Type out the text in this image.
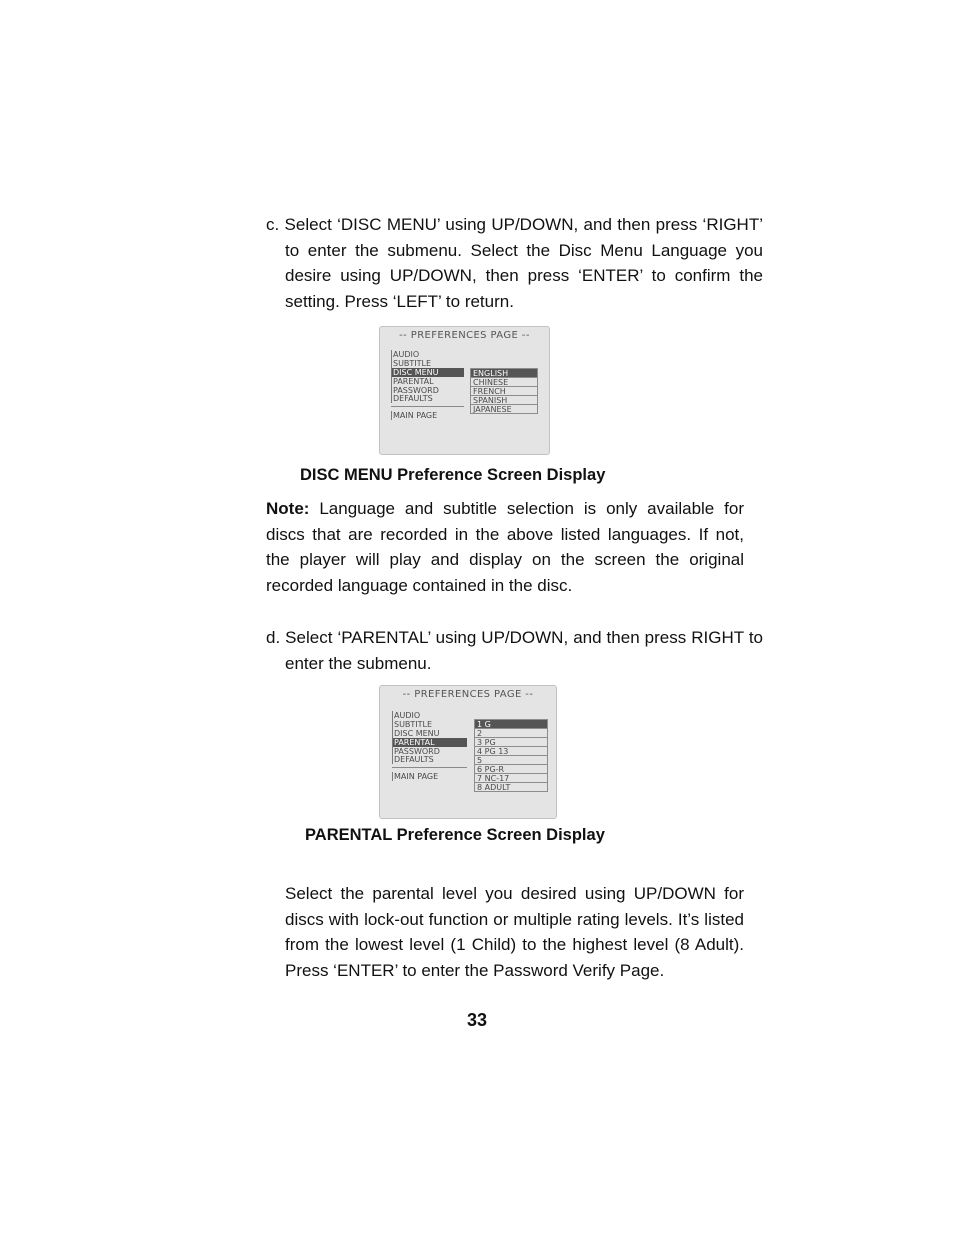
c. Select ‘DISC MENU’ using UP/DOWN, and then press ‘RIGHT’ to enter the submenu. Select the Disc Menu Language you desire using UP/DOWN, then press ‘ENTER’ to confirm the setting. Press ‘LEFT’ to return.

-- PREFERENCES PAGE --
AUDIO
SUBTITLE
DISC MENU
PARENTAL
PASSWORD
DEFAULTS
MAIN PAGE
ENGLISH
CHINESE
FRENCH
SPANISH
JAPANESE
DISC MENU Preference Screen Display

Note: Language and subtitle selection is only available for discs that are recorded in the above listed languages. If not, the player will play and display on the screen the original recorded language contained in the disc.

d. Select ‘PARENTAL’ using UP/DOWN, and then press RIGHT to enter the submenu.

-- PREFERENCES PAGE --
AUDIO
SUBTITLE
DISC MENU
PARENTAL
PASSWORD
DEFAULTS
MAIN PAGE
1 G
2
3 PG
4 PG 13
5
6 PG-R
7 NC-17
8 ADULT
PARENTAL Preference Screen Display

Select the parental level you desired using UP/DOWN for discs with lock-out function or multiple rating levels. It’s listed from the lowest level (1 Child) to the highest level (8 Adult). Press ‘ENTER’ to enter the Password Verify Page.

33
